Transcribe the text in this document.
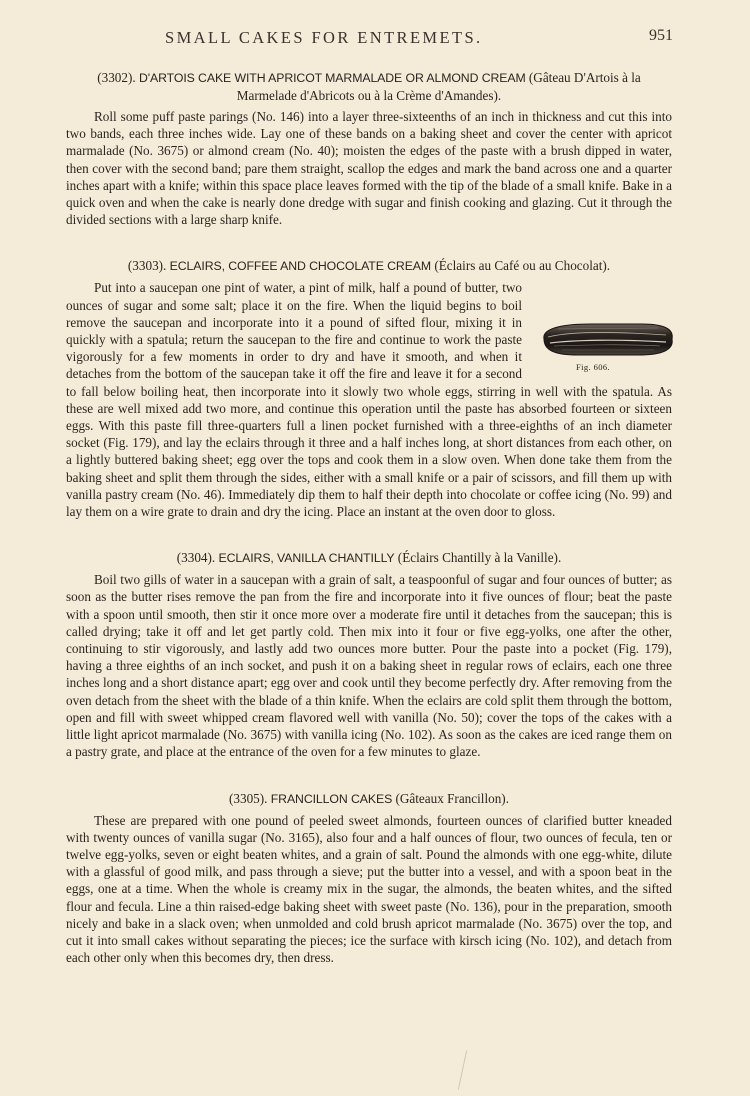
SMALL CAKES FOR ENTREMETS.	951

(3302). D'ARTOIS CAKE WITH APRICOT MARMALADE OR ALMOND CREAM (Gâteau D'Artois à la Marmelade d'Abricots ou à la Crème d'Amandes).

Roll some puff paste parings (No. 146) into a layer three-sixteenths of an inch in thickness and cut this into two bands, each three inches wide. Lay one of these bands on a baking sheet and cover the center with apricot marmalade (No. 3675) or almond cream (No. 40); moisten the edges of the paste with a brush dipped in water, then cover with the second band; pare them straight, scallop the edges and mark the band across one and a quarter inches apart with a knife; within this space place leaves formed with the tip of the blade of a small knife. Bake in a quick oven and when the cake is nearly done dredge with sugar and finish cooking and glazing. Cut it through the divided sections with a large sharp knife.

(3303). ECLAIRS, COFFEE AND CHOCOLATE CREAM (Éclairs au Café ou au Chocolat).

Fig. 606.

Put into a saucepan one pint of water, a pint of milk, half a pound of butter, two ounces of sugar and some salt; place it on the fire. When the liquid begins to boil remove the saucepan and incorporate into it a pound of sifted flour, mixing it in quickly with a spatula; return the saucepan to the fire and continue to work the paste vigorously for a few moments in order to dry and have it smooth, and when it detaches from the bottom of the saucepan take it off the fire and leave it for a second to fall below boiling heat, then incorporate into it slowly two whole eggs, stirring in well with the spatula. As these are well mixed add two more, and continue this operation until the paste has absorbed fourteen or sixteen eggs. With this paste fill three-quarters full a linen pocket furnished with a three-eighths of an inch diameter socket (Fig. 179), and lay the eclairs through it three and a half inches long, at short distances from each other, on a lightly buttered baking sheet; egg over the tops and cook them in a slow oven. When done take them from the baking sheet and split them through the sides, either with a small knife or a pair of scissors, and fill them up with vanilla pastry cream (No. 46). Immediately dip them to half their depth into chocolate or coffee icing (No. 99) and lay them on a wire grate to drain and dry the icing. Place an instant at the oven door to gloss.

(3304). ECLAIRS, VANILLA CHANTILLY (Éclairs Chantilly à la Vanille).

Boil two gills of water in a saucepan with a grain of salt, a teaspoonful of sugar and four ounces of butter; as soon as the butter rises remove the pan from the fire and incorporate into it five ounces of flour; beat the paste with a spoon until smooth, then stir it once more over a moderate fire until it detaches from the saucepan; this is called drying; take it off and let get partly cold. Then mix into it four or five egg-yolks, one after the other, continuing to stir vigorously, and lastly add two ounces more butter. Pour the paste into a pocket (Fig. 179), having a three eighths of an inch socket, and push it on a baking sheet in regular rows of eclairs, each one three inches long and a short distance apart; egg over and cook until they become perfectly dry. After removing from the oven detach from the sheet with the blade of a thin knife. When the eclairs are cold split them through the bottom, open and fill with sweet whipped cream flavored well with vanilla (No. 50); cover the tops of the cakes with a little light apricot marmalade (No. 3675) with vanilla icing (No. 102). As soon as the cakes are iced range them on a pastry grate, and place at the entrance of the oven for a few minutes to glaze.

(3305). FRANCILLON CAKES (Gâteaux Francillon).

These are prepared with one pound of peeled sweet almonds, fourteen ounces of clarified butter kneaded with twenty ounces of vanilla sugar (No. 3165), also four and a half ounces of flour, two ounces of fecula, ten or twelve egg-yolks, seven or eight beaten whites, and a grain of salt. Pound the almonds with one egg-white, dilute with a glassful of good milk, and pass through a sieve; put the butter into a vessel, and with a spoon beat in the eggs, one at a time. When the whole is creamy mix in the sugar, the almonds, the beaten whites, and the sifted flour and fecula. Line a thin raised-edge baking sheet with sweet paste (No. 136), pour in the preparation, smooth nicely and bake in a slack oven; when unmolded and cold brush apricot marmalade (No. 3675) over the top, and cut it into small cakes without separating the pieces; ice the surface with kirsch icing (No. 102), and detach from each other only when this becomes dry, then dress.
